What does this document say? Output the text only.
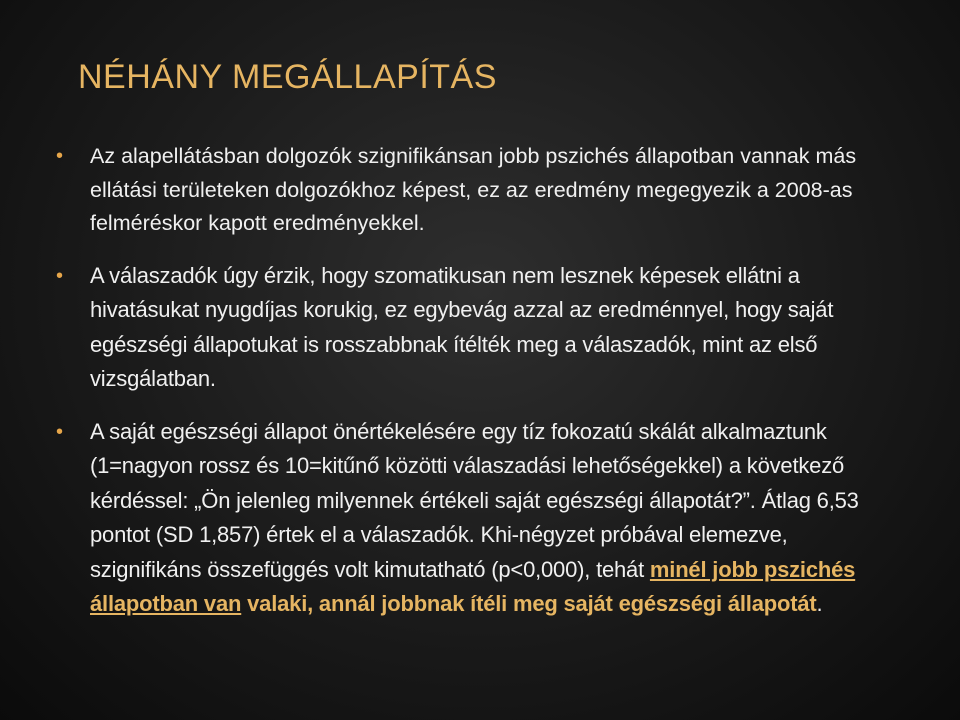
NÉHÁNY MEGÁLLAPÍTÁS
• Az alapellátásban dolgozók szignifikánsan jobb pszichés állapotban vannak más ellátási területeken dolgozókhoz képest, ez az eredmény megegyezik a 2008-as felméréskor kapott eredményekkel.
• A válaszadók úgy érzik, hogy szomatikusan nem lesznek képesek ellátni a hivatásukat nyugdíjas korukig, ez egybevág azzal az eredménnyel, hogy saját egészségi állapotukat is rosszabbnak ítélték meg a válaszadók, mint az első vizsgálatban.
• A saját egészségi állapot önértékelésére egy tíz fokozatú skálát alkalmaztunk (1=nagyon rossz és 10=kitűnő közötti válaszadási lehetőségekkel) a következő kérdéssel: „Ön jelenleg milyennek értékeli saját egészségi állapotát?”. Átlag 6,53 pontot (SD 1,857) értek el a válaszadók. Khi-négyzet próbával elemezve, szignifikáns összefüggés volt kimutatható (p<0,000), tehát minél jobb pszichés állapotban van valaki, annál jobbnak ítéli meg saját egészségi állapotát.
